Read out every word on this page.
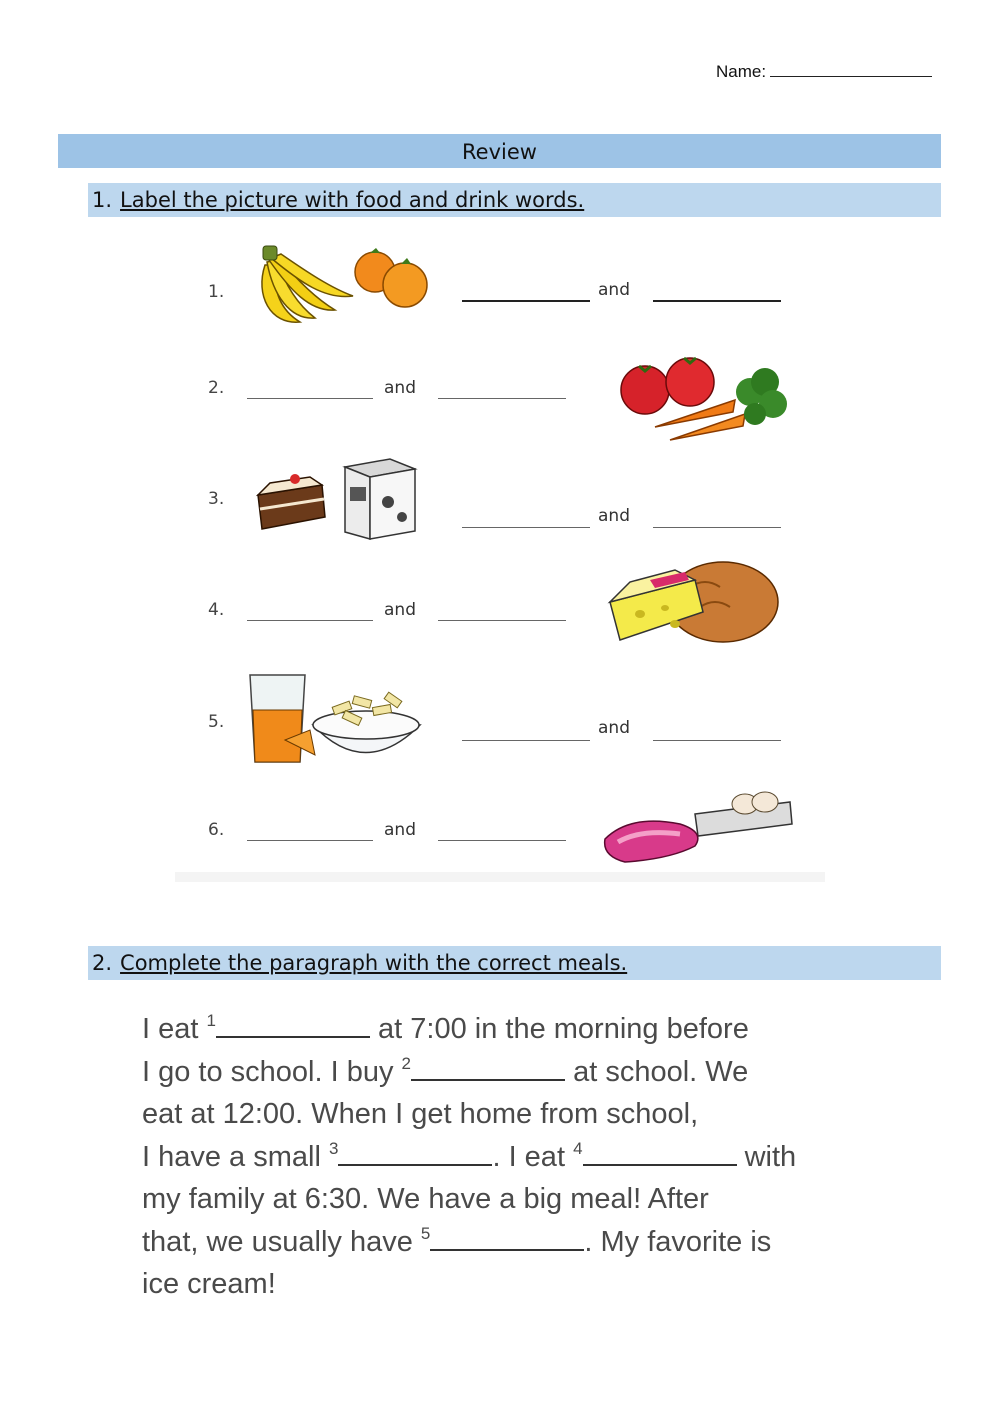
Name:
Review
1. Label the picture with food and drink words.
1.	and
2.	and
3.
and
4.	and
5.	and
6.	and
2. Complete the paragraph with the correct meals.
I eat $^1$	at 7:00 in the morning before
I go to school. I buy $^2$	at school. We
eat at 12:00. When I get home from school,
I have a small $^3$	. I eat $^4$	with
my family at 6:30. We have a big meal! After
that, we usually have $^5$	. My favorite is
ice cream!
